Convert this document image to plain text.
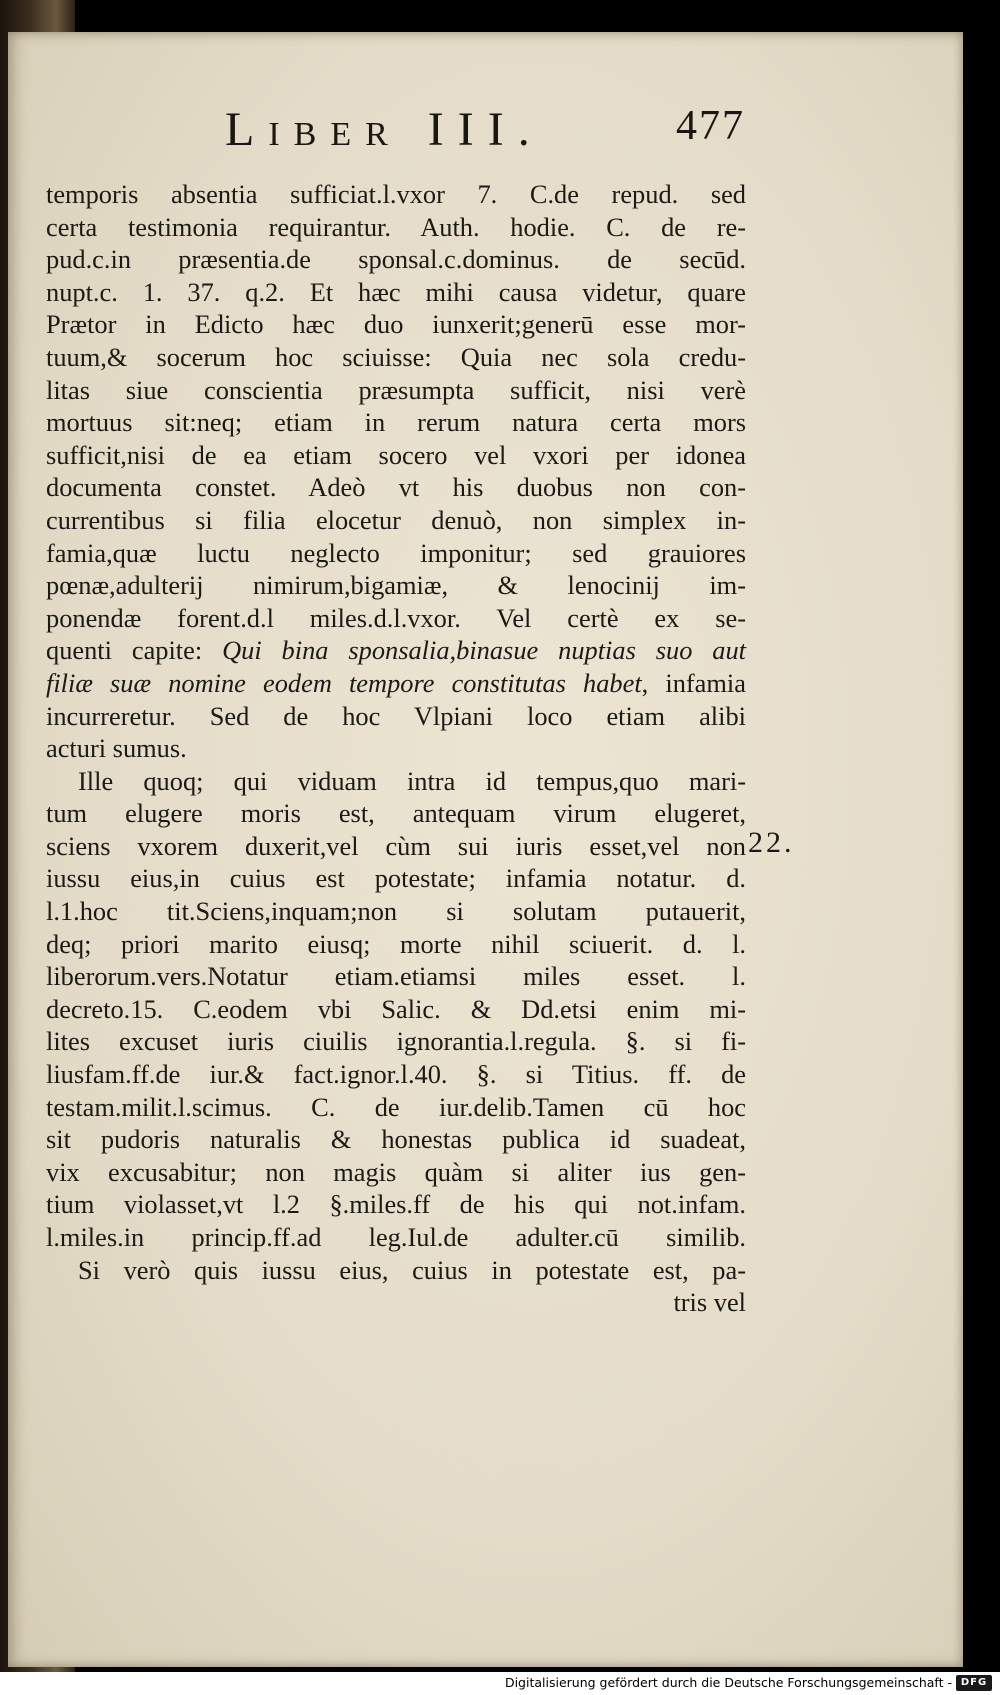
Liber III.	477
temporis absentia sufficiat.l.vxor 7. C.de repud. sed
certa testimonia requirantur. Auth. hodie. C. de re-
pud.c.in præsentia.de sponsal.c.dominus. de secūd.
nupt.c. 1. 37. q.2. Et hæc mihi causa videtur, quare
Prætor in Edicto hæc duo iunxerit;generū esse mor-
tuum,& socerum hoc sciuisse: Quia nec sola credu-
litas siue conscientia præsumpta sufficit, nisi verè
mortuus sit:neq; etiam in rerum natura certa mors
sufficit,nisi de ea etiam socero vel vxori per idonea
documenta constet. Adeò vt his duobus non con-
currentibus si filia elocetur denuò, non simplex in-
famia,quæ luctu neglecto imponitur; sed grauiores
pœnæ,adulterij nimirum,bigamiæ, & lenocinij im-
ponendæ forent.d.l miles.d.l.vxor. Vel certè ex se-
quenti capite: Qui bina sponsalia,binasue nuptias suo aut
filiæ suæ nomine eodem tempore constitutas habet, infamia
incurreretur. Sed de hoc Vlpiani loco etiam alibi
acturi sumus.
Ille quoq; qui viduam intra id tempus,quo mari-
tum elugere moris est, antequam virum elugeret,
sciens vxorem duxerit,vel cùm sui iuris esset,vel non
iussu eius,in cuius est potestate; infamia notatur. d.
l.1.hoc tit.Sciens,inquam;non si solutam putauerit,
deq; priori marito eiusq; morte nihil sciuerit. d. l.
liberorum.vers.Notatur etiam.etiamsi miles esset. l.
decreto.15. C.eodem vbi Salic. & Dd.etsi enim mi-
lites excuset iuris ciuilis ignorantia.l.regula. §. si fi-
liusfam.ff.de iur.& fact.ignor.l.40. §. si Titius. ff. de
testam.milit.l.scimus. C. de iur.delib.Tamen cū hoc
sit pudoris naturalis & honestas publica id suadeat,
vix excusabitur; non magis quàm si aliter ius gen-
tium violasset,vt l.2 §.miles.ff de his qui not.infam.
l.miles.in princip.ff.ad leg.Iul.de adulter.cū similib.
Si verò quis iussu eius, cuius in potestate est, pa-
tris vel
22.
Digitalisierung gefördert durch die Deutsche Forschungsgemeinschaft - DFG
